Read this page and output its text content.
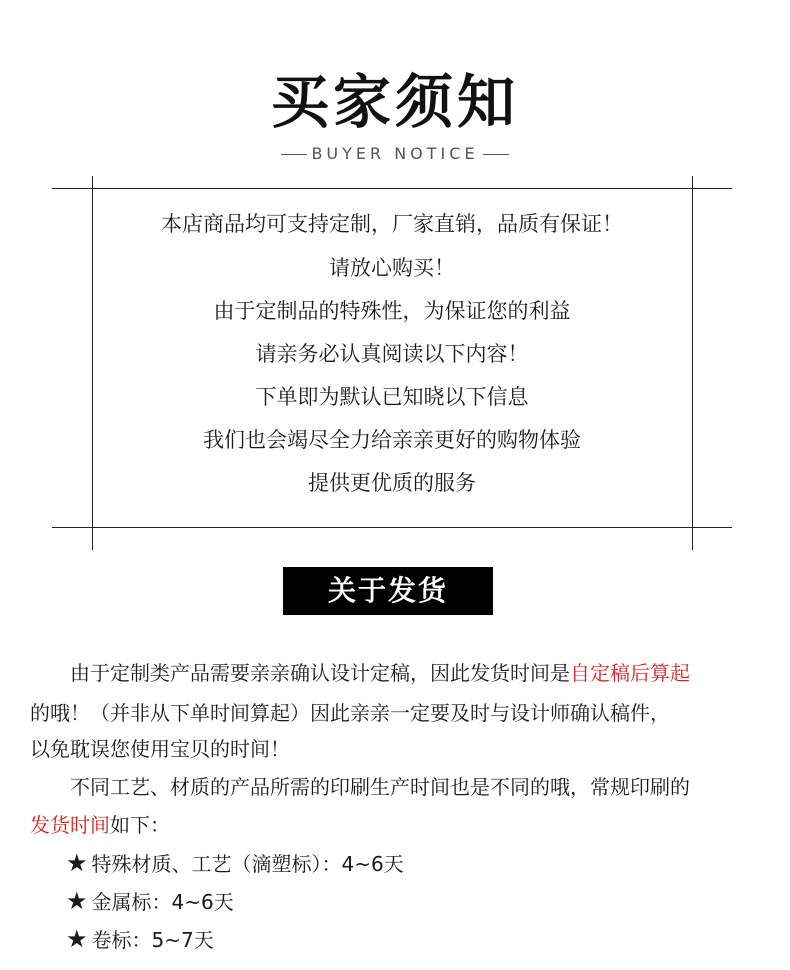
买家须知
BUYER NOTICE
本店商品均可支持定制，厂家直销，品质有保证！
请放心购买！
由于定制品的特殊性，为保证您的利益
请亲务必认真阅读以下内容！
下单即为默认已知晓以下信息
我们也会竭尽全力给亲亲更好的购物体验
提供更优质的服务
关于发货
由于定制类产品需要亲亲确认设计定稿，因此发货时间是自定稿后算起
的哦！（并非从下单时间算起）因此亲亲一定要及时与设计师确认稿件，
以免耽误您使用宝贝的时间！
不同工艺、材质的产品所需的印刷生产时间也是不同的哦，常规印刷的
发货时间如下：
★ 特殊材质、工艺（滴塑标）：4~6天
★ 金属标：4~6天
★ 卷标：5~7天
